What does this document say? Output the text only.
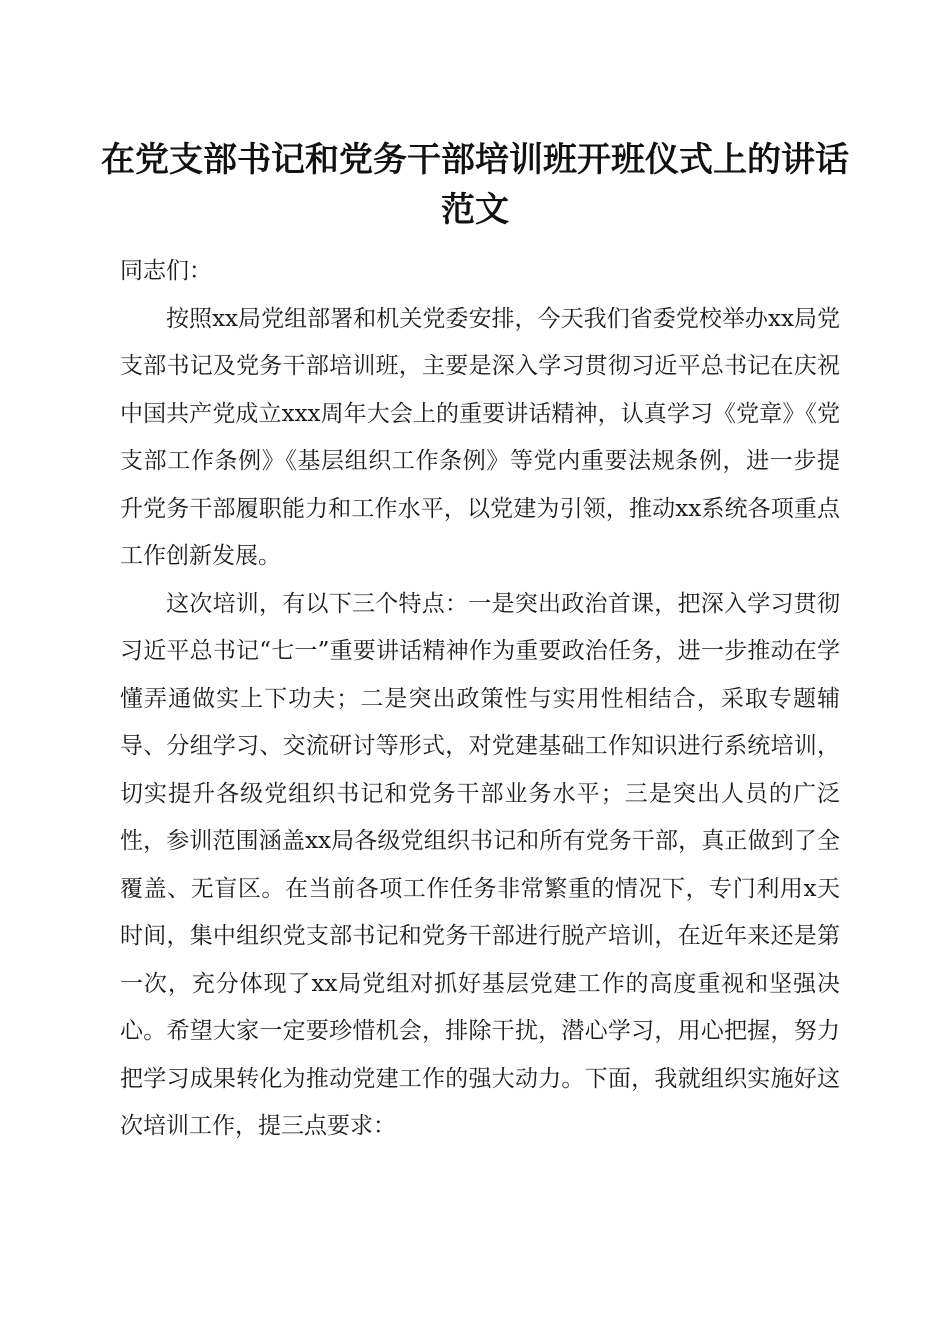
在党支部书记和党务干部培训班开班仪式上的讲话范文

同志们：

按照xx局党组部署和机关党委安排，今天我们省委党校举办xx局党支部书记及党务干部培训班，主要是深入学习贯彻习近平总书记在庆祝中国共产党成立xxx周年大会上的重要讲话精神，认真学习《党章》《党支部工作条例》《基层组织工作条例》等党内重要法规条例，进一步提升党务干部履职能力和工作水平，以党建为引领，推动xx系统各项重点工作创新发展。

这次培训，有以下三个特点：一是突出政治首课，把深入学习贯彻习近平总书记“七一”重要讲话精神作为重要政治任务，进一步推动在学懂弄通做实上下功夫；二是突出政策性与实用性相结合，采取专题辅导、分组学习、交流研讨等形式，对党建基础工作知识进行系统培训，切实提升各级党组织书记和党务干部业务水平；三是突出人员的广泛性，参训范围涵盖xx局各级党组织书记和所有党务干部，真正做到了全覆盖、无盲区。在当前各项工作任务非常繁重的情况下，专门利用x天时间，集中组织党支部书记和党务干部进行脱产培训，在近年来还是第一次，充分体现了xx局党组对抓好基层党建工作的高度重视和坚强决心。希望大家一定要珍惜机会，排除干扰，潜心学习，用心把握，努力把学习成果转化为推动党建工作的强大动力。下面，我就组织实施好这次培训工作，提三点要求：
